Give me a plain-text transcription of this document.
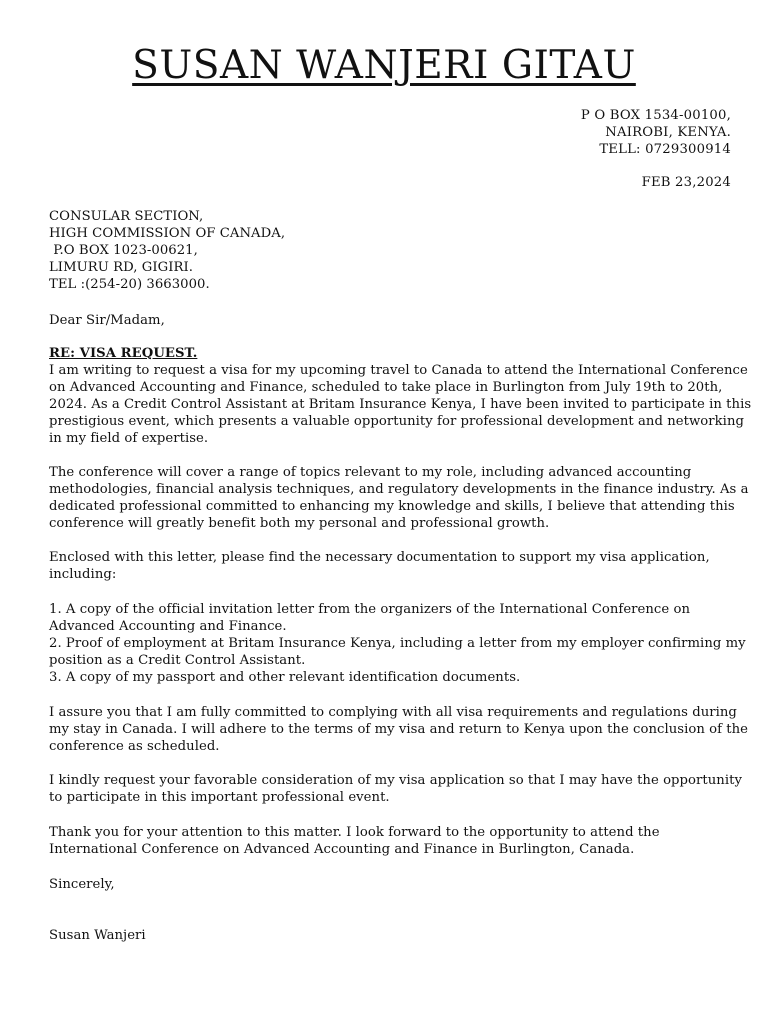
SUSAN WANJERI GITAU
P O BOX 1534-00100,
NAIROBI, KENYA.
TELL: 0729300914
FEB 23,2024
CONSULAR SECTION,
HIGH COMMISSION OF CANADA,
P.O BOX 1023-00621,
LIMURU RD, GIGIRI.
TEL :(254-20) 3663000.
Dear Sir/Madam,
RE: VISA REQUEST.
I am writing to request a visa for my upcoming travel to Canada to attend the International Conference
on Advanced Accounting and Finance, scheduled to take place in Burlington from July 19th to 20th,
2024. As a Credit Control Assistant at Britam Insurance Kenya, I have been invited to participate in this
prestigious event, which presents a valuable opportunity for professional development and networking
in my field of expertise.
The conference will cover a range of topics relevant to my role, including advanced accounting
methodologies, financial analysis techniques, and regulatory developments in the finance industry. As a
dedicated professional committed to enhancing my knowledge and skills, I believe that attending this
conference will greatly benefit both my personal and professional growth.
Enclosed with this letter, please find the necessary documentation to support my visa application,
including:
1. A copy of the official invitation letter from the organizers of the International Conference on
Advanced Accounting and Finance.
2. Proof of employment at Britam Insurance Kenya, including a letter from my employer confirming my
position as a Credit Control Assistant.
3. A copy of my passport and other relevant identification documents.
I assure you that I am fully committed to complying with all visa requirements and regulations during
my stay in Canada. I will adhere to the terms of my visa and return to Kenya upon the conclusion of the
conference as scheduled.
I kindly request your favorable consideration of my visa application so that I may have the opportunity
to participate in this important professional event.
Thank you for your attention to this matter. I look forward to the opportunity to attend the
International Conference on Advanced Accounting and Finance in Burlington, Canada.
Sincerely,
Susan Wanjeri
